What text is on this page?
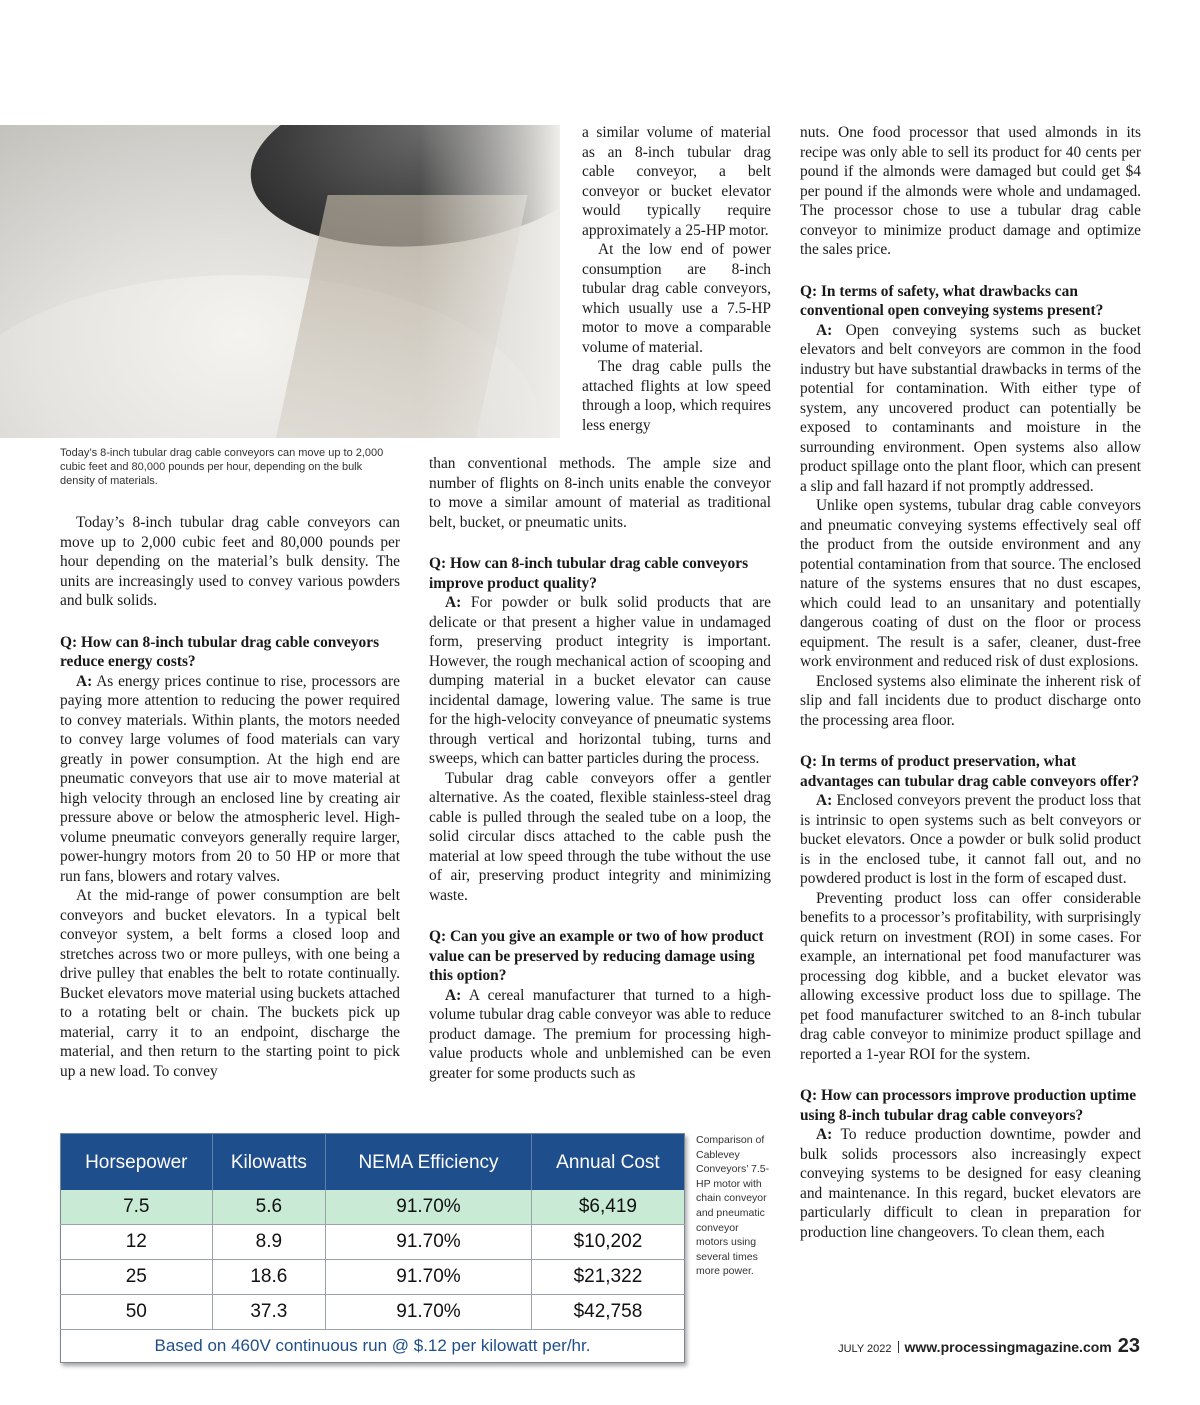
Today’s 8-inch tubular drag cable conveyors can move up to 2,000 cubic feet and 80,000 pounds per hour, depending on the bulk density of materials.

Today’s 8-inch tubular drag cable conveyors can move up to 2,000 cubic feet and 80,000 pounds per hour depending on the material’s bulk density. The units are increasingly used to convey various powders and bulk solids.

Q: How can 8-inch tubular drag cable conveyors reduce energy costs?

A: As energy prices continue to rise, processors are paying more attention to reducing the power required to convey materials. Within plants, the motors needed to convey large volumes of food materials can vary greatly in power consumption. At the high end are pneumatic conveyors that use air to move material at high velocity through an enclosed line by creating air pressure above or below the atmospheric level. High-volume pneumatic conveyors generally require larger, power-hungry motors from 20 to 50 HP or more that run fans, blowers and rotary valves.

At the mid-range of power consumption are belt conveyors and bucket elevators. In a typical belt conveyor system, a belt forms a closed loop and stretches across two or more pulleys, with one being a drive pulley that enables the belt to rotate continually. Bucket elevators move material using buckets attached to a rotating belt or chain. The buckets pick up material, carry it to an endpoint, discharge the material, and then return to the starting point to pick up a new load. To convey

a similar volume of material as an 8-inch tubular drag cable conveyor, a belt conveyor or bucket elevator would typically require approximately a 25-HP motor.

At the low end of power consumption are 8-inch tubular drag cable conveyors, which usually use a 7.5-HP motor to move a comparable volume of material.

The drag cable pulls the attached flights at low speed through a loop, which requires less energy

than conventional methods. The ample size and number of flights on 8-inch units enable the conveyor to move a similar amount of material as traditional belt, bucket, or pneumatic units.

Q: How can 8-inch tubular drag cable conveyors improve product quality?

A: For powder or bulk solid products that are delicate or that present a higher value in undamaged form, preserving product integrity is important. However, the rough mechanical action of scooping and dumping material in a bucket elevator can cause incidental damage, lowering value. The same is true for the high-velocity conveyance of pneumatic systems through vertical and horizontal tubing, turns and sweeps, which can batter particles during the process.

Tubular drag cable conveyors offer a gentler alternative. As the coated, flexible stainless-steel drag cable is pulled through the sealed tube on a loop, the solid circular discs attached to the cable push the material at low speed through the tube without the use of air, preserving product integrity and minimizing waste.

Q: Can you give an example or two of how product value can be preserved by reducing damage using this option?

A: A cereal manufacturer that turned to a high-volume tubular drag cable conveyor was able to reduce product damage. The premium for processing high-value products whole and unblemished can be even greater for some products such as

nuts. One food processor that used almonds in its recipe was only able to sell its product for 40 cents per pound if the almonds were damaged but could get $4 per pound if the almonds were whole and undamaged. The processor chose to use a tubular drag cable conveyor to minimize product damage and optimize the sales price.

Q: In terms of safety, what drawbacks can conventional open conveying systems present?

A: Open conveying systems such as bucket elevators and belt conveyors are common in the food industry but have substantial drawbacks in terms of the potential for contamination. With either type of system, any uncovered product can potentially be exposed to contaminants and moisture in the surrounding environment. Open systems also allow product spillage onto the plant floor, which can present a slip and fall hazard if not promptly addressed.

Unlike open systems, tubular drag cable conveyors and pneumatic conveying systems effectively seal off the product from the outside environment and any potential contamination from that source. The enclosed nature of the systems ensures that no dust escapes, which could lead to an unsanitary and potentially dangerous coating of dust on the floor or process equipment. The result is a safer, cleaner, dust-free work environment and reduced risk of dust explosions.

Enclosed systems also eliminate the inherent risk of slip and fall incidents due to product discharge onto the processing area floor.

Q: In terms of product preservation, what advantages can tubular drag cable conveyors offer?

A: Enclosed conveyors prevent the product loss that is intrinsic to open systems such as belt conveyors or bucket elevators. Once a powder or bulk solid product is in the enclosed tube, it cannot fall out, and no powdered product is lost in the form of escaped dust.

Preventing product loss can offer considerable benefits to a processor’s profitability, with surprisingly quick return on investment (ROI) in some cases. For example, an international pet food manufacturer was processing dog kibble, and a bucket elevator was allowing excessive product loss due to spillage. The pet food manufacturer switched to an 8-inch tubular drag cable conveyor to minimize product spillage and reported a 1-year ROI for the system.

Q: How can processors improve production uptime using 8-inch tubular drag cable conveyors?

A: To reduce production downtime, powder and bulk solids processors also increasingly expect conveying systems to be designed for easy cleaning and maintenance. In this regard, bucket elevators are particularly difficult to clean in preparation for production line changeovers. To clean them, each

Horsepower	Kilowatts	NEMA Efficiency	Annual Cost
7.5	5.6	91.70%	$6,419
12	8.9	91.70%	$10,202
25	18.6	91.70%	$21,322
50	37.3	91.70%	$42,758
Based on 460V continuous run @ $.12 per kilowatt per/hr.			
Comparison of Cablevey Conveyors’ 7.5-HP motor with chain conveyor and pneumatic conveyor motors using several times more power.
JULY 2022 www.processingmagazine.com 23
